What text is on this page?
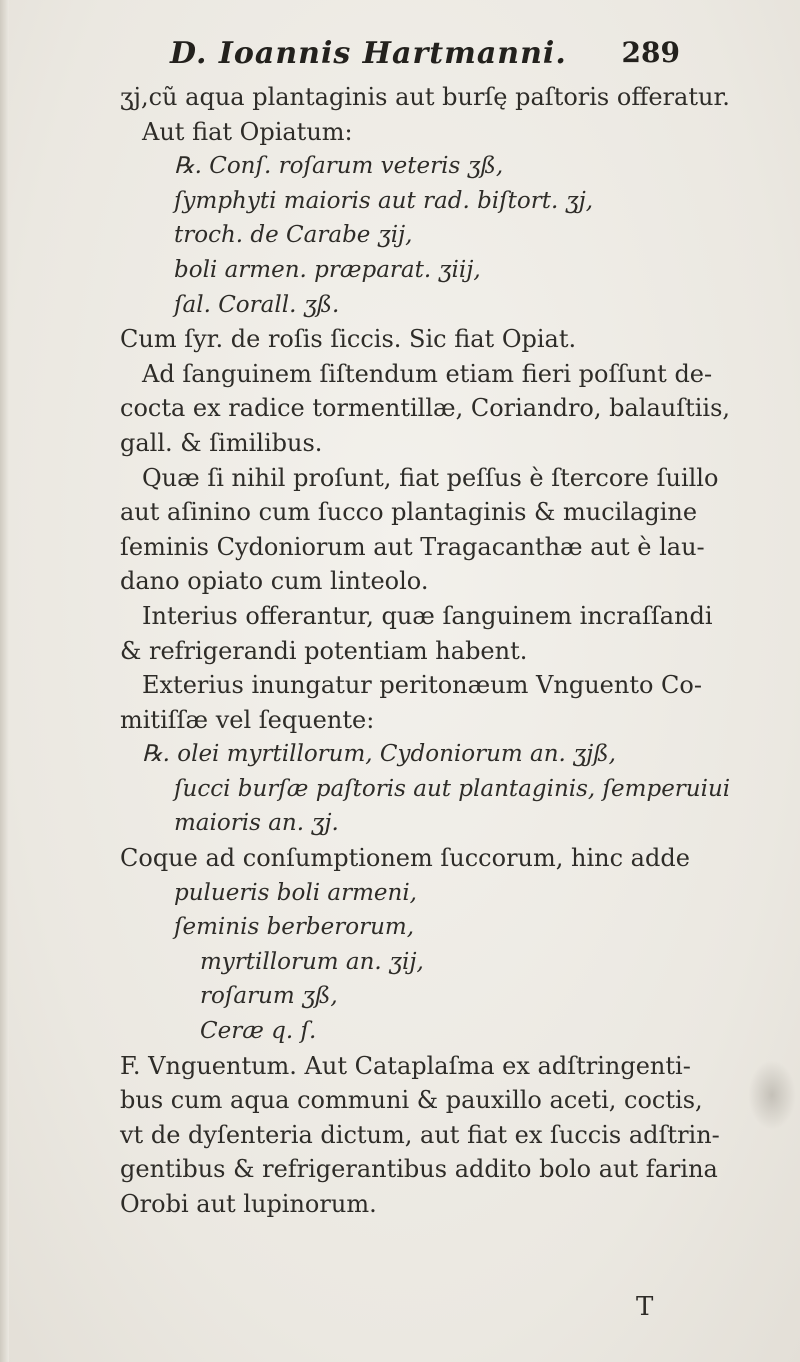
D. Ioannis Hartmanni. 289
ʒj,cũ aqua plantaginis aut burſę paſtoris offeratur.
Aut fiat Opiatum:
℞. Conſ. roſarum veteris ʒß,
ſymphyti maioris aut rad. biſtort. ʒj,
troch. de Carabe ʒij,
boli armen. præparat. ʒiij,
ſal. Corall. ʒß.
Cum ſyr. de roſis ſiccis. Sic fiat Opiat.
Ad ſanguinem ſiſtendum etiam fieri poſſunt de-
cocta ex radice tormentillæ, Coriandro, balauſtiis,
gall. & ſimilibus.
Quæ ſi nihil proſunt, fiat peſſus è ſtercore ſuillo
aut aſinino cum ſucco plantaginis & mucilagine
ſeminis Cydoniorum aut Tragacanthæ aut è lau-
dano opiato cum linteolo.
Interius offerantur, quæ ſanguinem incraſſandi
& refrigerandi potentiam habent.
Exterius inungatur peritonæum Vnguento Co-
mitiſſæ vel ſequente:
℞. olei myrtillorum, Cydoniorum an. ʒjß,
ſucci burſæ paſtoris aut plantaginis, ſemperuiui
maioris an. ʒj.
Coque ad conſumptionem ſuccorum, hinc adde
pulueris boli armeni,
ſeminis berberorum,
myrtillorum an. ʒij,
roſarum ʒß,
Ceræ q. ſ.
F. Vnguentum. Aut Cataplaſma ex adſtringenti-
bus cum aqua communi & pauxillo aceti, coctis,
vt de dyſenteria dictum, aut fiat ex ſuccis adſtrin-
gentibus & refrigerantibus addito bolo aut farina
Orobi aut lupinorum.
T
